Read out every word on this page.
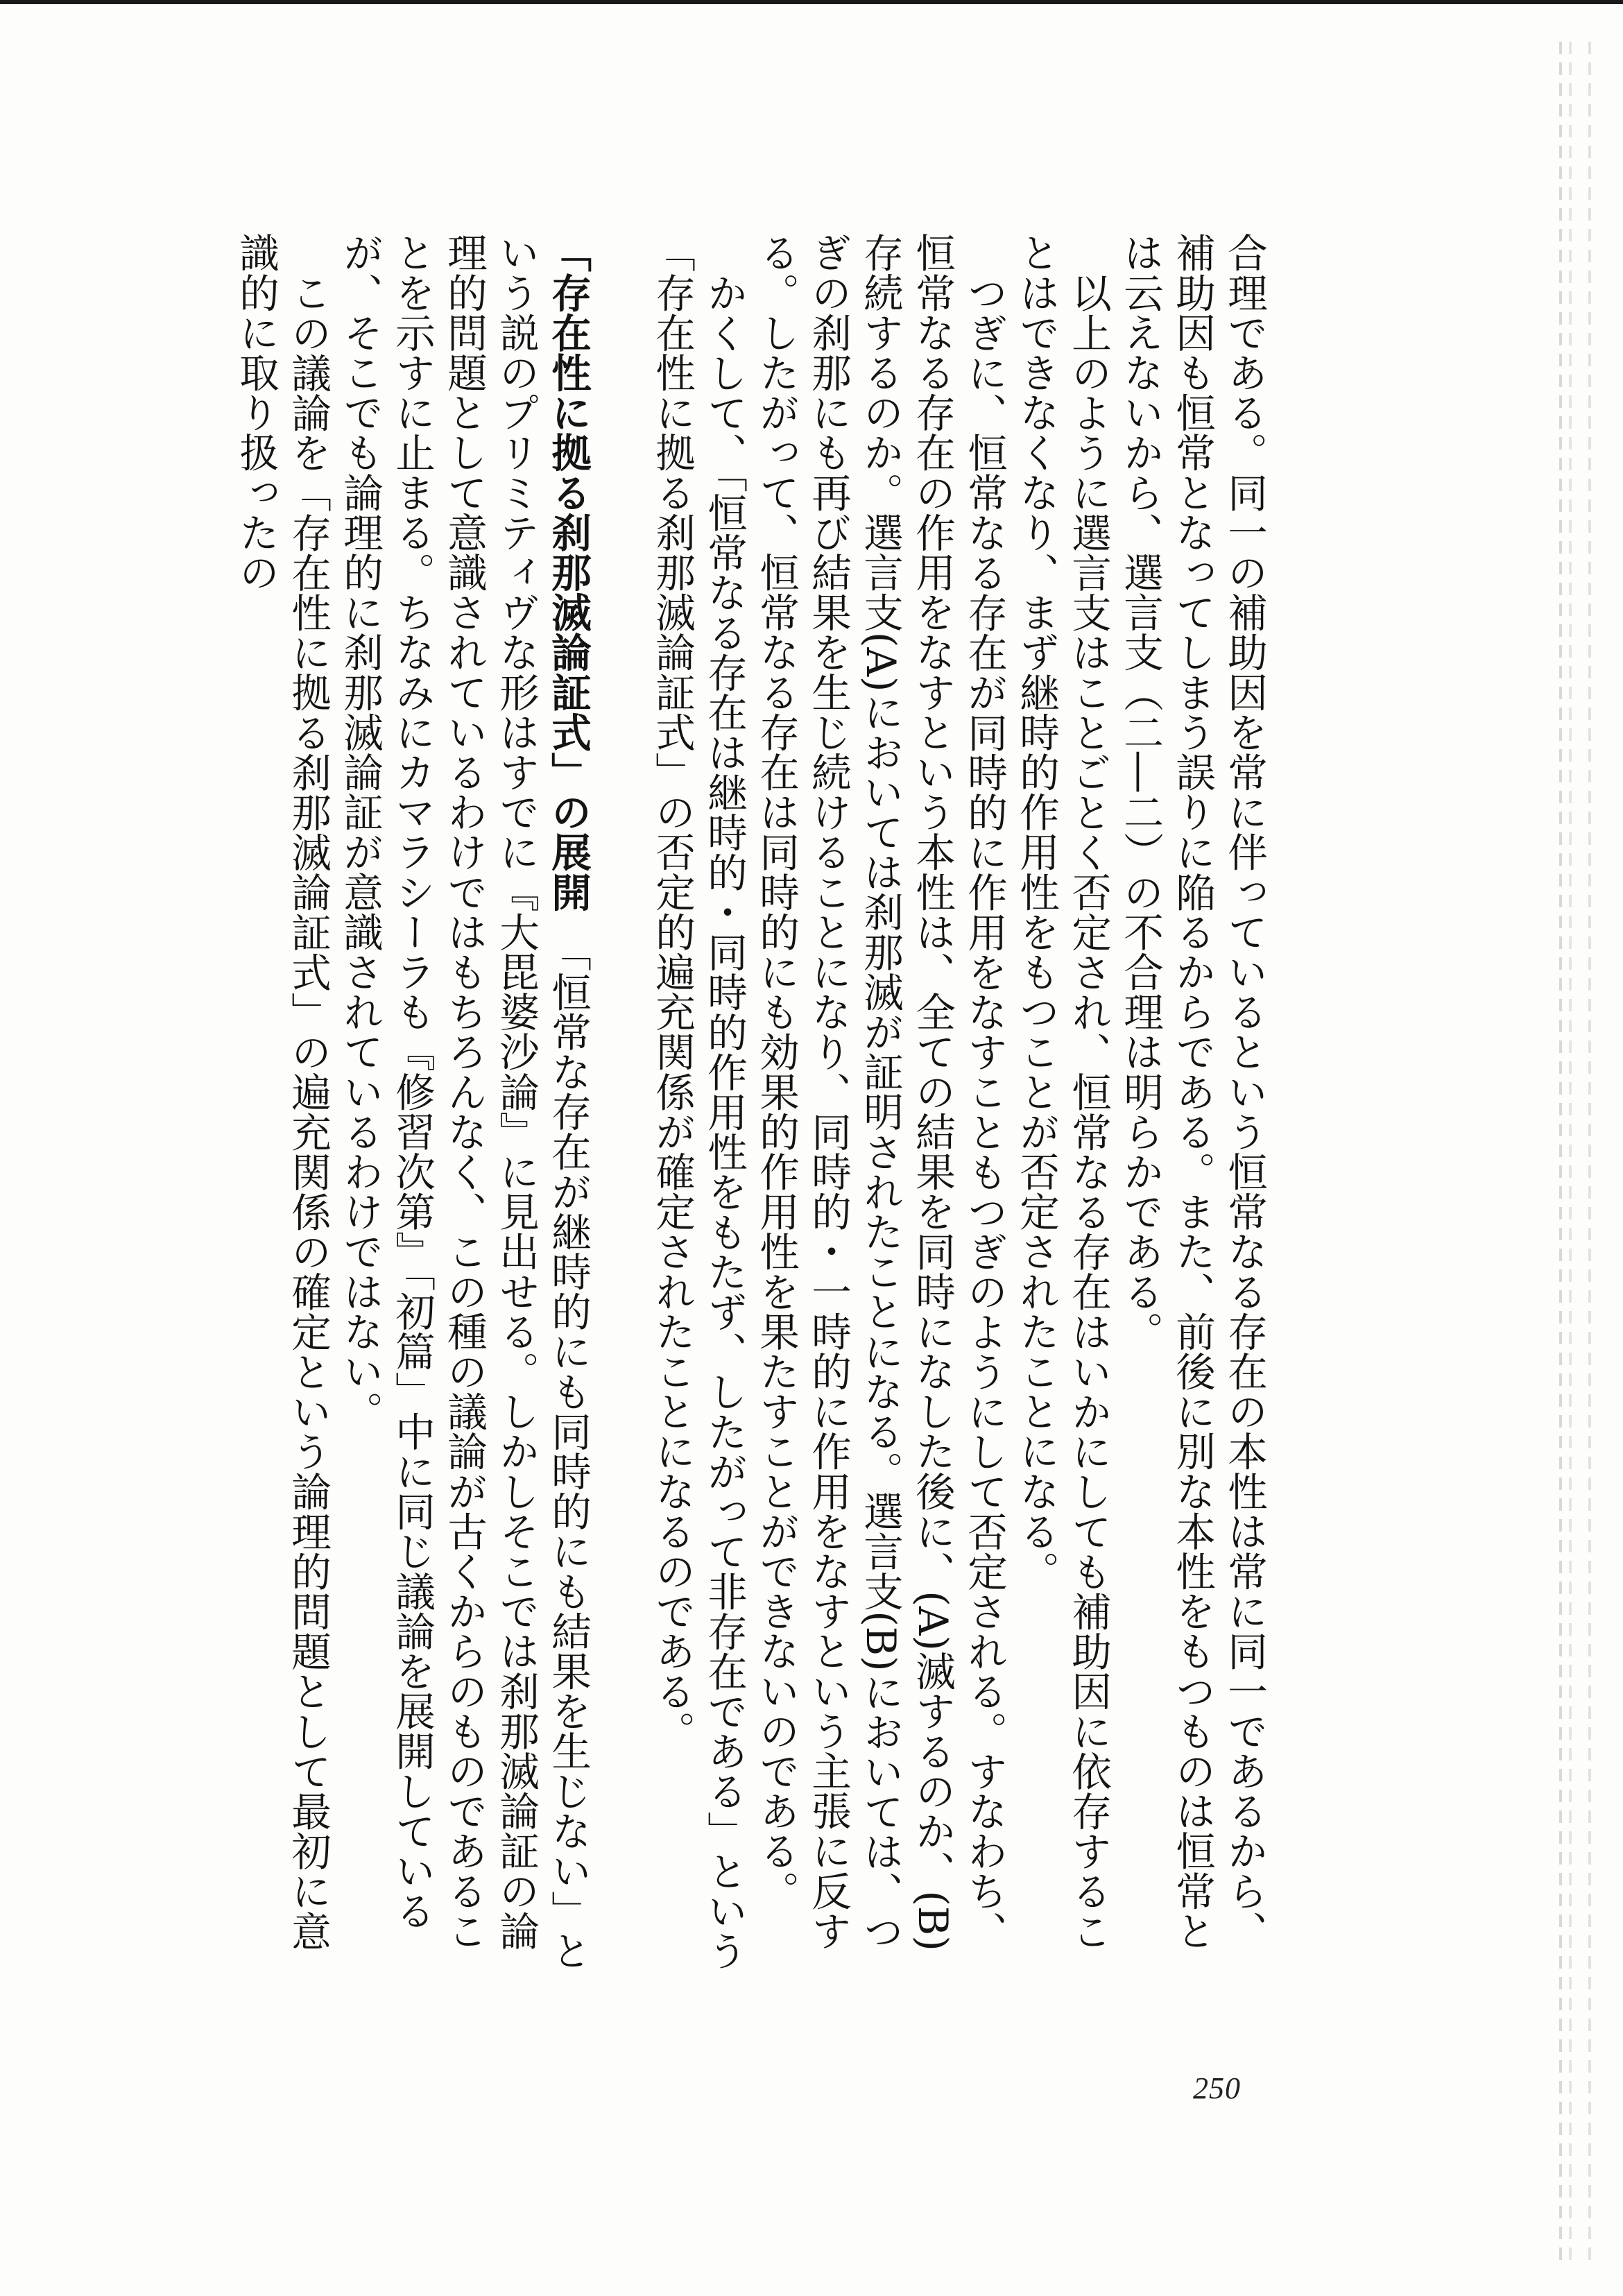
合理である。同一の補助因を常に伴っているという恒常なる存在の本性は常に同一であるから、補助因も恒常となってしまう誤りに陥るからである。また、前後に別な本性をもつものは恒常とは云えないから、選言支（二―二）の不合理は明らかである。

以上のように選言支はことごとく否定され、恒常なる存在はいかにしても補助因に依存することはできなくなり、まず継時的作用性をもつことが否定されたことになる。

つぎに、恒常なる存在が同時的に作用をなすこともつぎのようにして否定される。すなわち、恒常なる存在の作用をなすという本性は、全ての結果を同時になした後に、(A)滅するのか、(B)存続するのか。選言支(A)においては刹那滅が証明されたことになる。選言支(B)においては、つぎの刹那にも再び結果を生じ続けることになり、同時的・一時的に作用をなすという主張に反する。したがって、恒常なる存在は同時的にも効果的作用性を果たすことができないのである。

かくして、「恒常なる存在は継時的・同時的作用性をもたず、したがって非存在である」という「存在性に拠る刹那滅論証式」の否定的遍充関係が確定されたことになるのである。

「存在性に拠る刹那滅論証式」の展開　「恒常な存在が継時的にも同時的にも結果を生じない」という説のプリミティヴな形はすでに『大毘婆沙論』に見出せる。しかしそこでは刹那滅論証の論理的問題として意識されているわけではもちろんなく、この種の議論が古くからのものであることを示すに止まる。ちなみにカマラシーラも『修習次第』「初篇」中に同じ議論を展開しているが、そこでも論理的に刹那滅論証が意識されているわけではない。

この議論を「存在性に拠る刹那滅論証式」の遍充関係の確定という論理的問題として最初に意識的に取り扱ったの

250
